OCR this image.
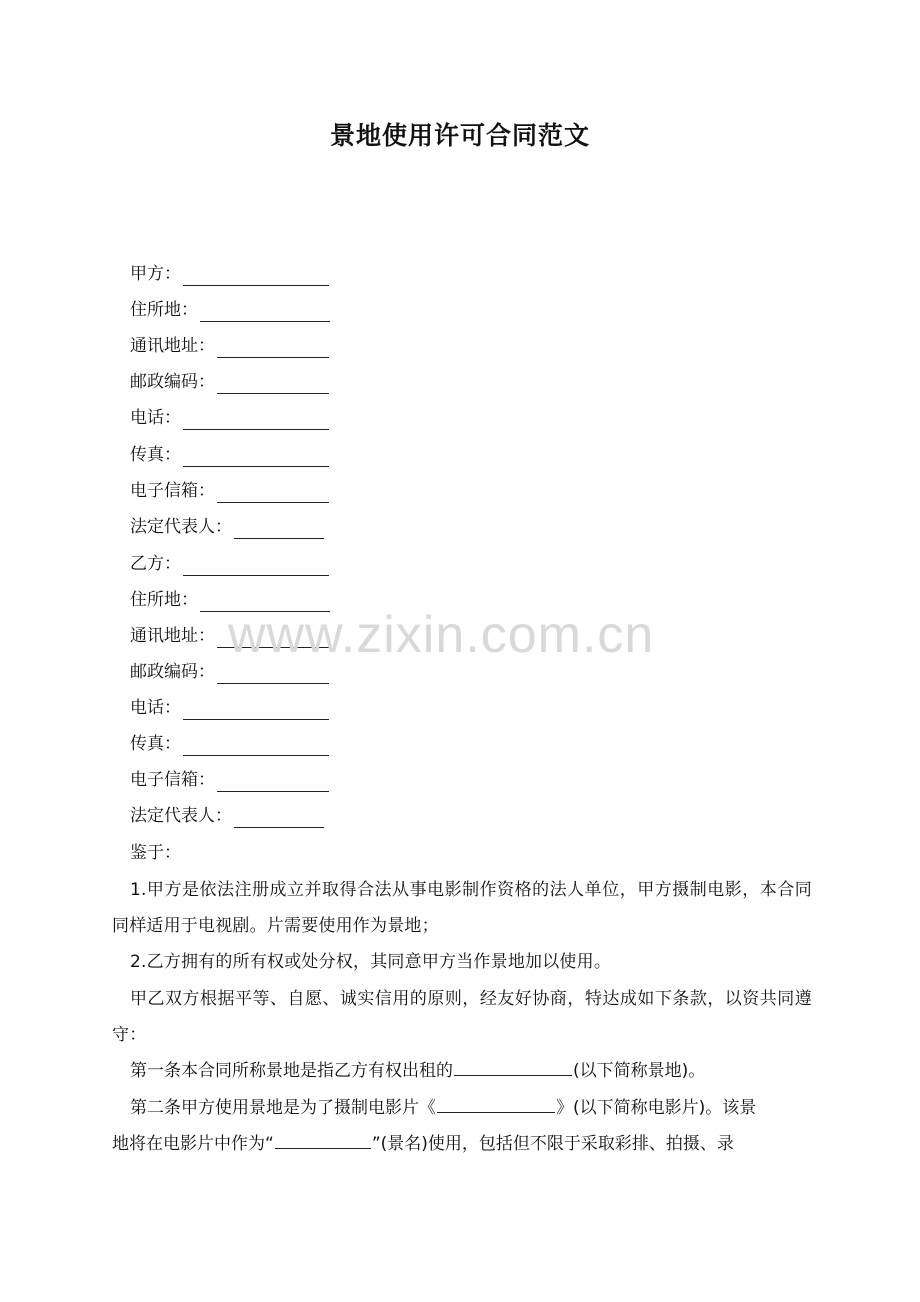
景地使用许可合同范文
甲方：
住所地：
通讯地址：
邮政编码：
电话：
传真：
电子信箱：
法定代表人：
乙方：
住所地：
通讯地址：
邮政编码：
电话：
传真：
电子信箱：
法定代表人：
鉴于：
1.甲方是依法注册成立并取得合法从事电影制作资格的法人单位，甲方摄制电影，本合同同样适用于电视剧。片需要使用作为景地；
2.乙方拥有的所有权或处分权，其同意甲方当作景地加以使用。
甲乙双方根据平等、自愿、诚实信用的原则，经友好协商，特达成如下条款，以资共同遵守：
第一条本合同所称景地是指乙方有权出租的	(以下简称景地)。
第二条甲方使用景地是为了摄制电影片《	》(以下简称电影片)。该景
地将在电影片中作为“	”(景名)使用，包括但不限于采取彩排、拍摄、录
www.zixin.com.cn
